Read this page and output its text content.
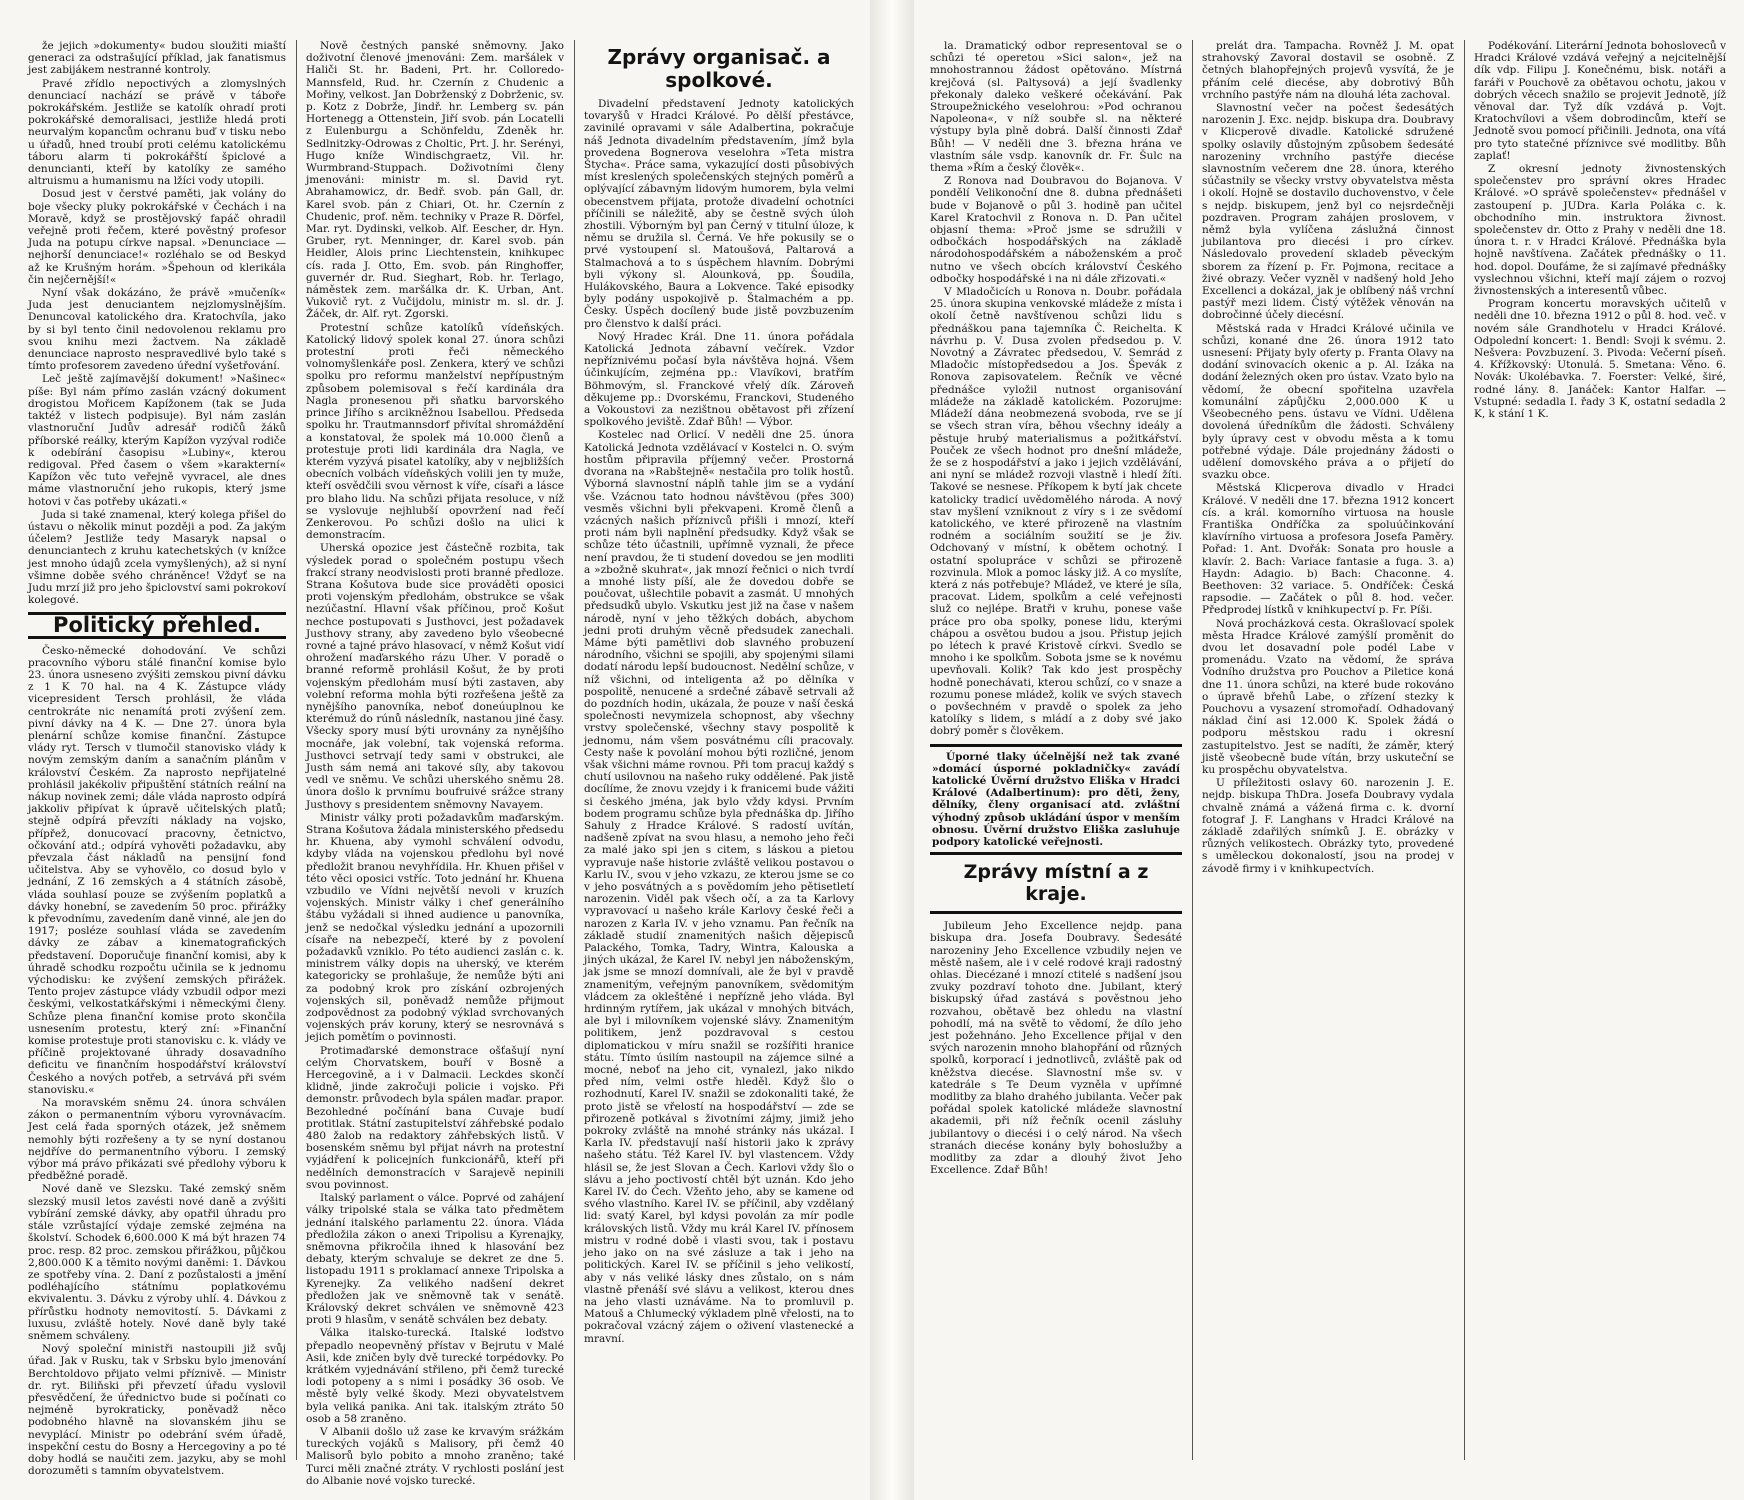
že jejich »dokumenty« budou sloužiti miaští generaci za odstrašující příklad, jak fanatismus jest zabijákem nestranné kontroly.

Pravé zřídlo nepoctivých a zlomyslných denunciací nachází se právě v táboře pokrokářském. Jestliže se katolík ohradí proti pokrokářské demoralisaci, jestliže hledá proti neurvalým kopancům ochranu buď v tisku nebo u úřadů, hned troubí proti celému katolickému táboru alarm ti pokrokářští špiclové a denuncianti, kteří by katolíky ze samého altruismu a humanismu na lžíci vody utopili.

Dosud jest v čerstvé paměti, jak volány do boje všecky pluky pokrokářské v Čechách i na Moravě, když se prostějovský fapáč ohradil veřejně proti řečem, které pověstný profesor Juda na potupu církve napsal. »Denunciace — nejhorší denunciace!« rozléhalo se od Beskyd až ke Krušným horám. »Špehoun od klerikála čin nejčernější!«

Nyní však dokázáno, že právě »mučeník« Juda jest denuciantem nejzlomyslnějším. Denuncoval katolického dra. Kratochvíla, jako by si byl tento činil nedovolenou reklamu pro svou knihu mezi žactvem. Na základě denunciace naprosto nespravedlivé bylo také s tímto profesorem zavedeno úřední vyšetřování.

Leč ještě zajímavější dokument! »Našinec« píše: Byl nám přímo zaslán vzácný dokument drogistou Mořicem Kapížonem (tak se Juda taktéž v listech podpisuje). Byl nám zaslán vlastnoruční Judův adresář rodičů žáků příborské reálky, kterým Kapížon vyzýval rodiče k odebírání časopisu »Lubiny«, kterou redigoval. Před časem o všem »karakterní« Kapížon věc tuto veřejně vyvracel, ale dnes máme vlastnoruční jeho rukopis, který jsme hotovi v čas potřeby ukázati.«

Juda si také znamenal, který kolega přišel do ústavu o několik minut později a pod. Za jakým účelem? Jestliže tedy Masaryk napsal o denunciantech z kruhu katechetských (v knížce jest mnoho údajů zcela vymyšlených), až si nyní všimne doběe svého chráněnce! Vždyť se na Judu mrzí již pro jeho špiclovství sami pokrokoví kolegové.

Politický přehled.

Česko-německé dohodování. Ve schůzi pracovního výboru stálé finanční komise bylo 23. února usneseno zvýšiti zemskou pivní dávku z 1 K 70 hal. na 4 K. Zástupce vlády vicepresident Tersch prohlásil, že vláda centrokráte nic nenamítá proti zvýšení zem. pivní dávky na 4 K. — Dne 27. února byla plenární schůze komise finanční. Zástupce vlády ryt. Tersch v tlumočil stanovisko vlády k novým zemským daním a sanačním plánům v království Českém. Za naprosto nepřijatelné prohlásil jakékoliv připuštění státních reální na nákup novinek zemi; dále vláda naprosto odpírá jakkoliv připívat k úpravě učitelských platů; stejně odpírá převzíti náklady na vojsko, přípřež, donucovací pracovny, četnictvo, očkování atd.; odpírá vyhověti požadavku, aby převzala část nákladů na pensijní fond učitelstva. Aby se vyhovělo, co dosud bylo v jednání, Z 16 zemských a 4 státních zásobě, vláda souhlasí pouze se zvýšením poplatků a dávky honební, se zavedením 50 proc. přirážky k převodnímu, zavedením daně vinné, ale jen do 1917; posléze souhlasí vláda se zavedením dávky ze zábav a kinematografických představení. Doporučuje finanční komisi, aby k úhradě schodku rozpočtu učinila se k jednomu východisku: ke zvýšení zemských přirážek. Tento projev zástupce vlády vzbudil odpor mezi českými, velkostatkářskými i německými členy. Schůze plena finanční komise proto skončila usnesením protestu, který zní: »Finanční komise protestuje proti stanovisku c. k. vlády ve příčině projektované úhrady dosavadního deficitu ve finančním hospodářství království Českého a nových potřeb, a setrvává při svém stanovisku.«

Na moravském sněmu 24. února schválen zákon o permanentním výboru vyrovnávacím. Jest celá řada sporných otázek, jež sněmem nemohly býti rozřešeny a ty se nyní dostanou nejdříve do permanentního výboru. I zemský výbor má právo přikázati své předlohy výboru k předběžné poradě.

Nové daně ve Slezsku. Také zemský sněm slezský musil letos zavésti nové daně a zvýšiti vybírání zemské dávky, aby opatřil úhradu pro stále vzrůstající výdaje zemské zejména na školství. Schodek 6,600.000 K má být hrazen 74 proc. resp. 82 proc. zemskou přirážkou, půjčkou 2,800.000 K a těmito novými daněmi: 1. Dávkou ze spotřeby vína. 2. Daní z pozůstalosti a jmění podléhajícího státnímu poplatkovému ekvivalentu. 3. Dávku z výroby uhlí. 4. Dávkou z přírůstku hodnoty nemovitostí. 5. Dávkami z luxusu, zvláště hotely. Nové daně byly také sněmem schváleny.

Nový společní ministři nastoupili již svůj úřad. Jak v Rusku, tak v Srbsku bylo jmenování Berchtoldovo přijato velmi příznivě. — Ministr dr. ryt. Biliňski při převzetí úřadu vyslovil přesvědčení, že úřednictvo bude si počínati co nejméně byrokraticky, poněvadž něco podobného hlavně na slovanském jihu se nevyplácí. Ministr po odebrání svém úřadě, inspekční cestu do Bosny a Hercegoviny a po té doby hodlá se naučiti zem. jazyku, aby se mohl dorozuměti s tamním obyvatelstvem.

Nově čestných panské sněmovny. Jako doživotní členové jmenováni: Zem. maršálek v Haliči St. hr. Badeni, Prt. hr. Colloredo-Mannsfeld, Rud. hr. Czernín z Chudenic a Mořiny, velkost. Jan Dobrženský z Dobrženic, sv. p. Kotz z Dobrže, Jindř. hr. Lemberg sv. pán Hortenegg a Ottenstein, Jiří svob. pán Locatelli z Eulenburgu a Schönfeldu, Zdeněk hr. Sedlnitzky-Odrowas z Choltic, Prt. J. hr. Serényi, Hugo kníže Windischgraetz, Vil. hr. Wurmbrand-Stuppach. Doživotními členy jmenováni: ministr m. sl. David ryt. Abrahamowicz, dr. Bedř. svob. pán Gall, dr. Karel svob. pán z Chiari, Ot. hr. Czernín z Chudenic, prof. něm. techniky v Praze R. Dörfel, Mar. ryt. Dydinski, velkob. Alf. Eescher, dr. Hyn. Gruber, ryt. Menninger, dr. Karel svob. pán Heidler, Alois princ Liechtenstein, knihkupec cís. rada J. Otto, Em. svob. pán Ringhoffer, guvernér dr. Rud. Sieghart, Rob. hr. Terlago, náměstek zem. maršálka dr. K. Urban, Ant. Vukovič ryt. z Vučijdolu, ministr m. sl. dr. J. Žáček, dr. Alf. ryt. Zgorski.

Protestní schůze katolíků vídeňských. Katolický lidový spolek konal 27. února schůzi protestní proti řeči německého volnomyšlenkáře posl. Zenkera, který ve schůzi spolku pro reformu manželství nepřípustným způsobem polemisoval s řečí kardinála dra Nagla pronesenou při sňatku barvorského prince Jiřího s arcikněžnou Isabellou. Předseda spolku hr. Trautmannsdorf přivítal shromáždění a konstatoval, že spolek má 10.000 členů a protestuje proti lidi kardinála dra Nagla, ve kterém vyzývá pisatel katolíky, aby v nejbližších obecních volbách vídeňských volili jen ty muže, kteří osvědčili svou věrnost k víře, císaři a lásce pro blaho lidu. Na schůzi přijata resoluce, v níž se vyslovuje nejhlubší opovržení nad řečí Zenkerovou. Po schůzi došlo na ulici k demonstracím.

Uherská opozice jest částečně rozbita, tak výsledek porad o společném postupu všech frakcí strany neodvislosti proti branné předloze. Strana Košutova bude sice prováděti oposici proti vojenským předlohám, obstrukce se však nezúčastní. Hlavní však příčinou, proč Košut nechce postupovati s Justhovci, jest požadavek Justhovy strany, aby zavedeno bylo všeobecné rovné a tajné právo hlasovací, v němž Košut vidí ohrožení maďarského rázu Uher. V poradě o branné reformě prohlásil Košut, že by proti vojenským předlohám musí býti zastaven, aby volební reforma mohla býti rozřešena ještě za nynějšího panovníka, neboť doneúuplnou ke kterémuž do rúnů následník, nastanou jiné časy. Všecky spory musí býti urovnány za nynějšího mocnáře, jak volební, tak vojenská reforma. Justhovci setrvají tedy sami v obstrukci, ale Justh sám nemá ani takové síly, aby takovou vedl ve sněmu. Ve schůzi uherského sněmu 28. února došlo k prvnímu boufruivé srážce strany Justhovy s presidentem sněmovny Navayem.

Ministr války proti požadavkům maďarským. Strana Košutova žádala ministerského předsedu hr. Khuena, aby vymohl schválení odvodu, kdyby vláda na vojenskou předlohu byl nové předložit branou nevyhřídila. Hr. Khuen přišel v této věci oposici vstříc. Toto jednání hr. Khuena vzbudilo ve Vídni největší nevoli v kruzích vojenských. Ministr války i chef generálního štábu vyžádali si ihned audience u panovníka, jenž se nedočkal výsledku jednání a upozornili císaře na nebezpečí, které by z povolení požadavků vzniklo. Po této audienci zaslán c. k. ministrem války dopis na uherský, ve kterém kategoricky se prohlašuje, že nemůže býti ani za podobný krok pro získání ozbrojených vojenských sil, poněvadž nemůže přijmout zodpovědnost za podobný výklad svrchovaných vojenských práv koruny, který se nesrovnává s jejich pomětím o povinnosti.

Protimaďarské demonstrace ošťašují nyní celým Chorvatskem, bouří v Bosně a Hercegovině, a i v Dalmacii. Leckdes skončí klidně, jinde zakročuji policie i vojsko. Při demonstr. průvodech byla spálen maďar. prapor. Bezohledné počínání bana Cuvaje budí protitlak. Státní zastupitelství záhřebské podalo 480 žalob na redaktory záhřebských listů. V bosenském sněmu byl přijat návrh na protestní vyjádření k policejních funkcionářů, kteří při nedělních demonstracích v Sarajevě nepinili svou povinnost.

Italský parlament o válce. Poprvé od zahájení války tripolské stala se válka tato předmětem jednání italského parlamentu 22. února. Vláda předložila zákon o anexi Tripolisu a Kyrenajky, sněmovna přikročila ihned k hlasování bez debaty, kterým schvaluje se dekret ze dne 5. listopadu 1911 s proklamací annexe Tripolska a Kyrenejky. Za velikého nadšení dekret předložen jak ve sněmovně tak v senátě. Královský dekret schválen ve sněmovně 423 proti 9 hlasům, v senátě schválen bez debaty.

Válka italsko-turecká. Italské loďstvo přepadlo neopevněný přístav v Bejrutu v Malé Asii, kde zničen byly dvě turecké torpédovky. Po krátkém vyjednávání střileno, při čemž turecké lodi potopeny a s nimi i posádky 36 osob. Ve městě byly velké škody. Mezi obyvatelstvem byla veliká panika. Ani tak. italským ztráto 50 osob a 58 zraněno.

V Albanii došlo už zase ke krvavým srážkám tureckých vojáků s Malisory, při čemž 40 Malisorů bylo pobito a mnoho zraněno; také Turci měli značné ztráty. V rychlosti poslání jest do Albanie nové vojsko turecké.

Zprávy organisač. a spolkové.

Divadelní představení Jednoty katolických tovaryšů v Hradci Králové. Po dělší přestávce, zavinilé opravami v sále Adalbertina, pokračuje náš Jednota divadelním představením, jímž byla provedena Bognerova veselohra »Teta mistra Štycha«. Práce sama, vykazující dosti působivých míst kreslených společenských stejných poměrů a oplývající zábavným lidovým humorem, byla velmi obecenstvem přijata, protože divadelní ochotníci příčinili se náležitě, aby se čestně svých úloh zhostili. Výborným byl pan Černý v titulní úloze, k němu se družila sl. Černá. Ve hře pokusily se o prvé vystoupení sl. Matoušová, Paltarová a Stalmachová a to s úspěchem hlavním. Dobrými byli výkony sl. Alounková, pp. Šoudila, Hulákovského, Baura a Lokvence. Také episodky byly podány uspokojivě p. Štalmachém a pp. Česky. Úspěch docílený bude jistě povzbuzením pro členstvo k další práci.

Nový Hradec Král. Dne 11. února pořádala Katolická Jednota zábavní večírek. Vzdor nepříznivému počasí byla návštěva hojná. Všem účinkujícím, zejména pp.: Vlavíkovi, bratřím Böhmovým, sl. Franckové vřelý dík. Zároveň děkujeme pp.: Dvorskému, Franckovi, Studeného a Vokoustovi za nezištnou obětavost při zřízení spolkového jeviště. Zdař Bůh! — Výbor.

Kostelec nad Orlicí. V neděli dne 25. února Katolická Jednota vzdělávací v Kostelci n. O. svým hostům připravila příjemný večer. Prostorná dvorana na »Rabštejně« nestačila pro tolik hostů. Výborná slavnostní náplň tahle jim se a vydání vše. Vzácnou tato hodnou návštěvou (přes 300) vesměs všichni byli překvapeni. Kromě členů a vzácných našich příznivců přišli i mnozí, kteří proti nám byli naplnění předsudky. Když však se schůze této účastnili, upřímně vyznali, že přece není pravdou, že ti studení dovedou se jen modliti a »zbožně skuhrat«, jak mnozí řečnici o nich tvrdí a mnohé listy píší, ale že dovedou dobře se poučovat, ušlechtile pobavit a zasmát. U mnohých předsudků ubylo. Vskutku jest již na čase v našem národě, nyní v jeho těžkých dobách, abychom jedni proti druhým věcně předsudek zanechali. Máme býti pamětlivi dob slavného probuzení národního, všichni se spojili, aby spojenými silami dodatí národu lepší budoucnost. Nedělní schůze, v níž všichni, od inteligenta až po dělníka v pospolitě, nenucené a srdečné zábavě setrvali až do pozdních hodin, ukázala, že pouze v naší česká společnosti nevymizela schopnost, aby všechny vrstvy společenské, všechny stavy pospolitě k jednomu, nám všem posvátnému cíli pracovaly. Cesty naše k povolání mohou býti rozličné, jenom však všichni máme rovnou. Při tom pracuj každý s chutí usilovnou na našeho ruky oddělené. Pak jistě docílíme, že znovu vzejdy i k franicemi bude vážiti si českého jména, jak bylo vždy kdysi. Prvním bodem programu schůze byla přednáška dp. Jiřího Sahuly z Hradce Králové. S radostí uvítán, nadšeně zpívat na svou hlasu, a nemoho jeho řeči za malé jako spi jen s citem, s láskou a pietou vypravuje naše historie zvláště velikou postavou o Karlu IV., svou v jeho vzkazu, ze kterou jsme se co v jeho posvátných a s povědomím jeho pětisetletí narozenin. Viděl pak všech očí, a za ta Karlovy vypravovací u našeho krále Karlovy české řeči a narozen z Karla IV. v jeho vznamu. Pan řečník na základě studií znamenitých našich dějepisců Palackého, Tomka, Tadry, Wintra, Kalouska a jiných ukázal, že Karel IV. nebyl jen náboženským, jak jsme se mnozí domnívali, ale že byl v pravdě znamenitým, veřejným panovníkem, svědomitým vládcem za okleštěné i nepřízně jeho vláda. Byl hrdinným rytířem, jak ukázal v mnohých bitvách, ale byl i milovníkem vojenské slávy. Znamenitým politikem, jenž pozdravoval s cestou diplomatickou v míru snažil se rozšířiti hranice státu. Tímto úsilím nastoupil na zájemce silné a mocné, neboť na jeho cit, vynalezl, jako nikdo před ním, velmi ostře hleděl. Když šlo o rozhodnutí, Karel IV. snažil se zdokonaliti také, že proto jistě se vřelostí na hospodářství — zde se přirozeně potkával s životními zájmy, jimiž jeho pokroky zvláště na mnohé stránky nás ukázal. I Karla IV. představují naší historii jako k zprávy našeho státu. Též Karel IV. byl vlastencem. Vždy hlásil se, že jest Slovan a Čech. Karlovi vždy šlo o slávu a jeho poctivostí chtěl být uznán. Kdo jeho Karel IV. do Čech. Vžeňto jeho, aby se kamene od svého vlastního. Karel IV. se příčinil, aby vzdělaný lid: svatý Karel, byl kdysi povolán za mír podle královských listů. Vždy mu král Karel IV. přínosem mistru v rodné době i vlasti svou, tak i postavu jeho jako on na své zásluze a tak i jeho na politických. Karel IV. se příčinil s jeho velikostí, aby v nás veliké lásky dnes zůstalo, on s nám vlastně přenáší své slávu a velikost, kterou dnes na jeho vlasti uznáváme. Na to promluvil p. Matouš a Chlumecký výkladem plně vřelosti, na to pokračoval vzácný zájem o oživení vlastenecké a mravní.

la. Dramatický odbor representoval se o schůzi té operetou »Sici salon«, jež na mnohostrannou žádost opětováno. Místrná krejčová (sl. Paltysová) a její švadlenky překonaly daleko veškeré očekávání. Pak Stroupežnického veselohrou: »Pod ochranou Napoleona«, v níž soubře sl. na některé výstupy byla plně dobrá. Další činnosti Zdař Bůh! — V neděli dne 3. března hrána ve vlastním sále vsdp. kanovník dr. Fr. Šulc na thema »Řím a český člověk«.

Z Ronova nad Doubravou do Bojanova. V pondělí Velikonoční dne 8. dubna přednášeti bude v Bojanově o půl 3. hodině pan učitel Karel Kratochvil z Ronova n. D. Pan učitel objasní thema: »Proč jsme se sdružili v odbočkách hospodářských na základě národohospodářském a náboženském a proč nutno ve všech obcích království Českého odbočky hospodářské i na ni dále zřizovati.«

V Mladočicích u Ronova n. Doubr. pořádala 25. února skupina venkovské mládeže z místa i okolí četně navštívenou schůzi lidu s přednáškou pana tajemníka Č. Reichelta. K návrhu p. V. Dusa zvolen předsedou p. V. Novotný a Závratec předsedou, V. Semrád z Mladočic místopředsedou a Jos. Špevák z Ronova zapisovatelem. Řečník ve věcné přednášce vyložil nutnost organisování mládeže na základě katolickém. Pozorujme: Mládeží dána neobmezená svoboda, rve se jí se všech stran víra, běhou všechny ideály a pěstuje hrubý materialismus a požitkářství. Pouček ze všech hodnot pro dnešní mládeže, že se z hospodářství a jako i jejich vzdělávání, ani nyní se mládež rozvoji vlastně i hledí žíti. Takové se nesnese. Příkopem k bytí jak chcete katolicky tradicí uvědomělého národa. A nový stav myšlení vzniknout z víry s i ze svědomí katolického, ve které přirozeně na vlastním rodném a sociálním soužití se je živ. Odchovaný v místní, k obětem ochotný. I ostatní spolupráce v schůzi se přirozeně rozvinula. Mlok a pomoc lásky již. A co myslíte, která z nás potřebuje? Mládež, ve které je síla, pracovat. Lidem, spolkům a celé veřejnosti služ co nejlépe. Bratři v kruhu, ponese vaše práce pro oba spolky, ponese lidu, kterými chápou a osvětou budou a jsou. Přistup jejich po létech k pravé Kristově církvi. Svedlo se mnoho i ke spolkům. Sobota jsme se k novému upevňovali. Kolik? Tak kdo jest prospěchy hodně ponechávati, kterou schůzí, co v snaze a rozumu ponese mládež, kolik ve svých stavech o povšechném v pravdě o spolek za jeho katolíky s lidem, s mládí a z doby své jako dobrý poměr s člověkem.

Úporné tlaky účelnější než tak zvané »domácí úsporné pokladničky« zavádí katolické Úvěrní družstvo Eliška v Hradci Králové (Adalbertinum): pro děti, ženy, dělníky, členy organisací atd. zvláštní výhodný způsob ukládání úspor v menším obnosu. Úvěrní družstvo Eliška zasluhuje podpory katolické veřejnosti.

Zprávy místní a z kraje.

Jubileum Jeho Excellence nejdp. pana biskupa dra. Josefa Doubravy. Šedesáté narozeniny Jeho Excellence vzbudily nejen ve městě našem, ale i v celé rodové kraji radostný ohlas. Diecézané i mnozí ctitelé s nadšení jsou zvuky pozdraví tohoto dne. Jubilant, který biskupský úřad zastává s pověstnou jeho rozvahou, obětavě bez ohledu na vlastní pohodlí, má na světě to vědomí, že dílo jeho jest požehnáno. Jeho Excellence přijal v den svých narozenin mnoho blahopřání od různých spolků, korporací i jednotlivců, zvláště pak od kněžstva diecése. Slavnostní mše sv. v katedrále s Te Deum vyzněla v upřímné modlitby za blaho drahého jubilanta. Večer pak pořádal spolek katolické mládeže slavnostní akademii, při níž řečník ocenil zásluhy jubilantovy o diecési i o celý národ. Na všech stranách diecése konány byly bohoslužby a modlitby za zdar a dlouhý život Jeho Excellence. Zdař Bůh!

prelát dra. Tampacha. Rovněž J. M. opat strahovský Zavoral dostavil se osobně. Z četných blahopřejných projevů vysvítá, že je přáním celé diecése, aby dobrotivý Bůh vrchního pastýře nám na dlouhá léta zachoval.

Slavnostní večer na počest šedesátých narozenin J. Exc. nejdp. biskupa dra. Doubravy v Klicperově divadle. Katolické sdružené spolky oslavily důstojným způsobem šedesáté narozeniny vrchního pastýře diecése slavnostním večerem dne 28. února, kterého súčastnily se všecky vrstvy obyvatelstva města i okolí. Hojně se dostavilo duchovenstvo, v čele s nejdp. biskupem, jenž byl co nejsrdečněji pozdraven. Program zahájen proslovem, v němž byla vylíčena záslužná činnost jubilantova pro diecési i pro církev. Následovalo provedení skladeb pěveckým sborem za řízení p. Fr. Pojmona, recitace a živé obrazy. Večer vyzněl v nadšený hold Jeho Excellenci a dokázal, jak je oblíbený náš vrchní pastýř mezi lidem. Čistý výtěžek věnován na dobročinné účely diecésní.

Městská rada v Hradci Králové učinila ve schůzi, konané dne 26. února 1912 tato usnesení: Přijaty byly oferty p. Franta Olavy na dodání svinovacích okenic a p. Al. Izáka na dodání železných oken pro ústav. Vzato bylo na vědomí, že obecní spořitelna uzavřela komunální zápůjčku 2,000.000 K u Všeobecného pens. ústavu ve Vídni. Udělena dovolená úředníkům dle žádosti. Schváleny byly úpravy cest v obvodu města a k tomu potřebné výdaje. Dále projednány žádosti o udělení domovského práva a o přijetí do svazku obce.

Městská Klicperova divadlo v Hradci Králové. V neděli dne 17. března 1912 koncert cís. a král. komorního virtuosa na housle Františka Ondříčka za spoluúčinkování klavírního virtuosa a profesora Josefa Paměry. Pořad: 1. Ant. Dvořák: Sonata pro housle a klavír. 2. Bach: Variace fantasie a fuga. 3. a) Haydn: Adagio. b) Bach: Chaconne. 4. Beethoven: 32 variace. 5. Ondříček: Česká rapsodie. — Začátek o půl 8. hod. večer. Předprodej lístků v knihkupectví p. Fr. Píši.

Nová procházková cesta. Okrašlovací spolek města Hradce Králové zamýšlí proměnit do dvou let dosavadní pole podél Labe v promenádu. Vzato na vědomí, že správa Vodního družstva pro Pouchov a Piletice koná dne 11. února schůzi, na které bude rokováno o úpravě břehů Labe, o zřízení stezky k Pouchovu a vysazení stromořadí. Odhadovaný náklad činí asi 12.000 K. Spolek žádá o podporu městskou radu i okresní zastupitelstvo. Jest se nadíti, že záměr, který jistě všeobecně bude vítán, brzy uskuteční se ku prospěchu obyvatelstva.

U příležitosti oslavy 60. narozenin J. E. nejdp. biskupa ThDra. Josefa Doubravy vydala chvalně známá a vážená firma c. k. dvorní fotograf J. F. Langhans v Hradci Králové na základě zdařilých snímků J. E. obrázky v různých velikostech. Obrázky tyto, provedené s uměleckou dokonalostí, jsou na prodej v závodě firmy i v knihkupectvích.

Podékování. Literární Jednota bohosloveců v Hradci Králové vzdává veřejný a nejcitelnější dík vdp. Filipu J. Konečnému, bisk. notáři a faráři v Pouchově za obětavou ochotu, jakou v dobrých věcech snažilo se projevit Jednotě, jíž věnoval dar. Tyž dík vzdává p. Vojt. Kratochvílovi a všem dobrodincům, kteří se Jednotě svou pomocí přičinili. Jednota, ona vítá pro tyto statečné příznivce své modlitby. Bůh zaplať!

Z okresní jednoty živnostenských společenstev pro správní okres Hradec Králové. »O správě společenstev« přednášel v zastoupení p. JUDra. Karla Poláka c. k. obchodního min. instruktora živnost. společenstev dr. Otto z Prahy v neděli dne 18. února t. r. v Hradci Králové. Přednáška byla hojně navštívena. Začátek přednášky o 11. hod. dopol. Doufáme, že si zajímavé přednášky vyslechnou všichni, kteří mají zájem o rozvoj živnostenských a interesentů vůbec.

Program koncertu moravských učitelů v neděli dne 10. března 1912 o půl 8. hod. več. v novém sále Grandhotelu v Hradci Králové. Odpolední koncert: 1. Bendl: Svoji k svému. 2. Nešvera: Povzbuzení. 3. Pivoda: Večerní píseň. 4. Křížkovský: Utonulá. 5. Smetana: Věno. 6. Novák: Ukolébavka. 7. Foerster: Velké, širé, rodné lány. 8. Janáček: Kantor Halfar. — Vstupné: sedadla I. řady 3 K, ostatní sedadla 2 K, k stání 1 K.
